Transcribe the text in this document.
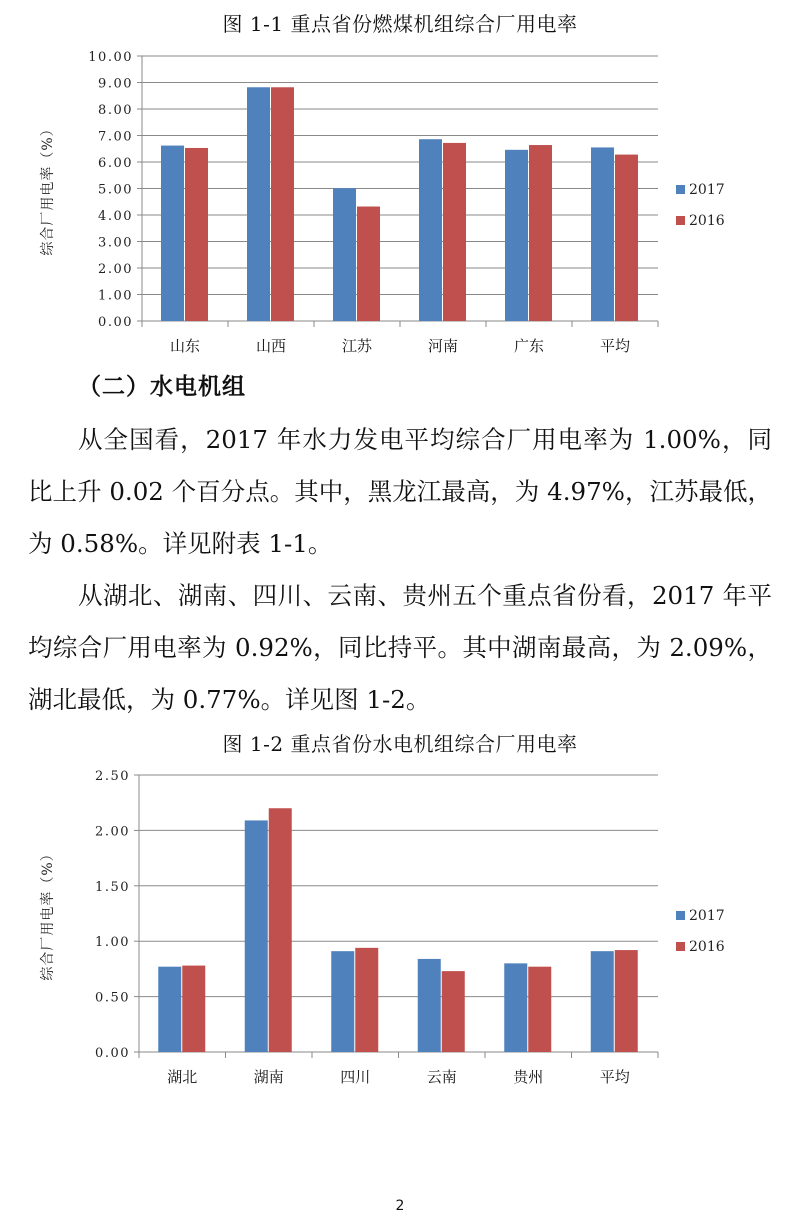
图 1-1 重点省份燃煤机组综合厂用电率
0.00
1.00
2.00
3.00
4.00
5.00
6.00
7.00
8.00
9.00
10.00
山东	山西	江苏	河南	广东	平均
综合厂用电率（%）	2017
2016
（二）水电机组

从全国看，2017 年水力发电平均综合厂用电率为 1.00%，同比上升 0.02 个百分点。其中，黑龙江最高，为 4.97%，江苏最低，为 0.58%。详见附表 1-1。

从湖北、湖南、四川、云南、贵州五个重点省份看，2017 年平均综合厂用电率为 0.92%，同比持平。其中湖南最高，为 2.09%，湖北最低，为 0.77%。详见图 1-2。

图 1-2 重点省份水电机组综合厂用电率
0.00
0.50
1.00
1.50
2.00
2.50
湖北	湖南	四川	云南	贵州	平均
综合厂用电率（%）	2017
2016
2
